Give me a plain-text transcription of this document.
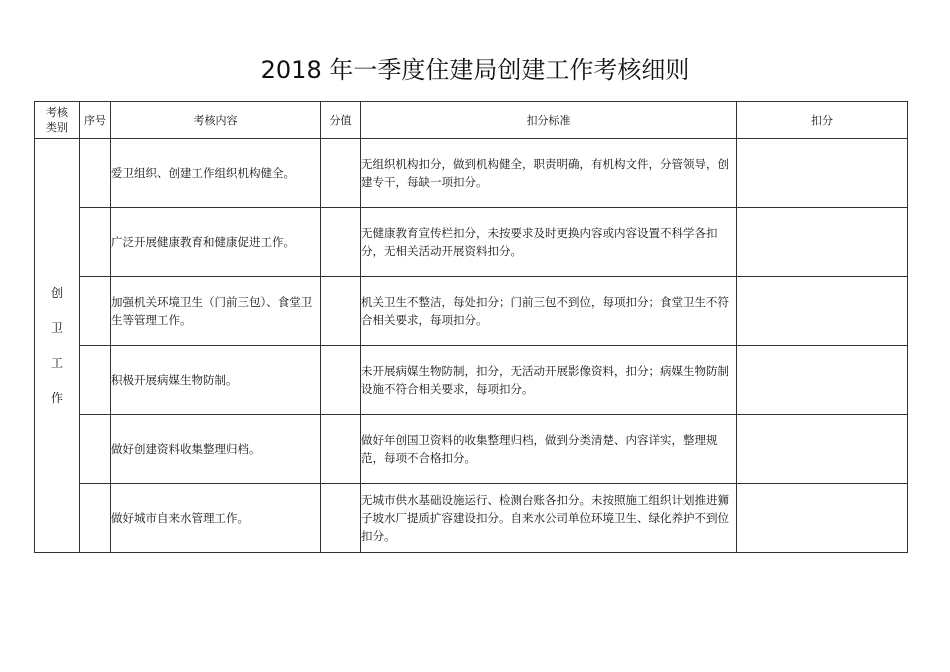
2018 年一季度住建局创建工作考核细则
考核
类别	序号	考核内容	分值	扣分标准	扣分

创
卫
工
作		爱卫组织、创建工作组织机构健全。		无组织机构扣分，做到机构健全，职责明确，有机构文件，分管领导，创建专干，每缺一项扣分。	
		广泛开展健康教育和健康促进工作。		无健康教育宣传栏扣分，未按要求及时更换内容或内容设置不科学各扣分，无相关活动开展资料扣分。	
		加强机关环境卫生（门前三包）、食堂卫生等管理工作。		机关卫生不整洁，每处扣分；门前三包不到位，每项扣分；食堂卫生不符合相关要求，每项扣分。	
		积极开展病媒生物防制。		未开展病媒生物防制，扣分，无活动开展影像资料，扣分；病媒生物防制设施不符合相关要求，每项扣分。	
		做好创建资料收集整理归档。		做好年创国卫资料的收集整理归档，做到分类清楚、内容详实，整理规范，每项不合格扣分。	
		做好城市自来水管理工作。		无城市供水基础设施运行、检测台账各扣分。未按照施工组织计划推进狮子坡水厂提质扩容建设扣分。自来水公司单位环境卫生、绿化养护不到位扣分。	
